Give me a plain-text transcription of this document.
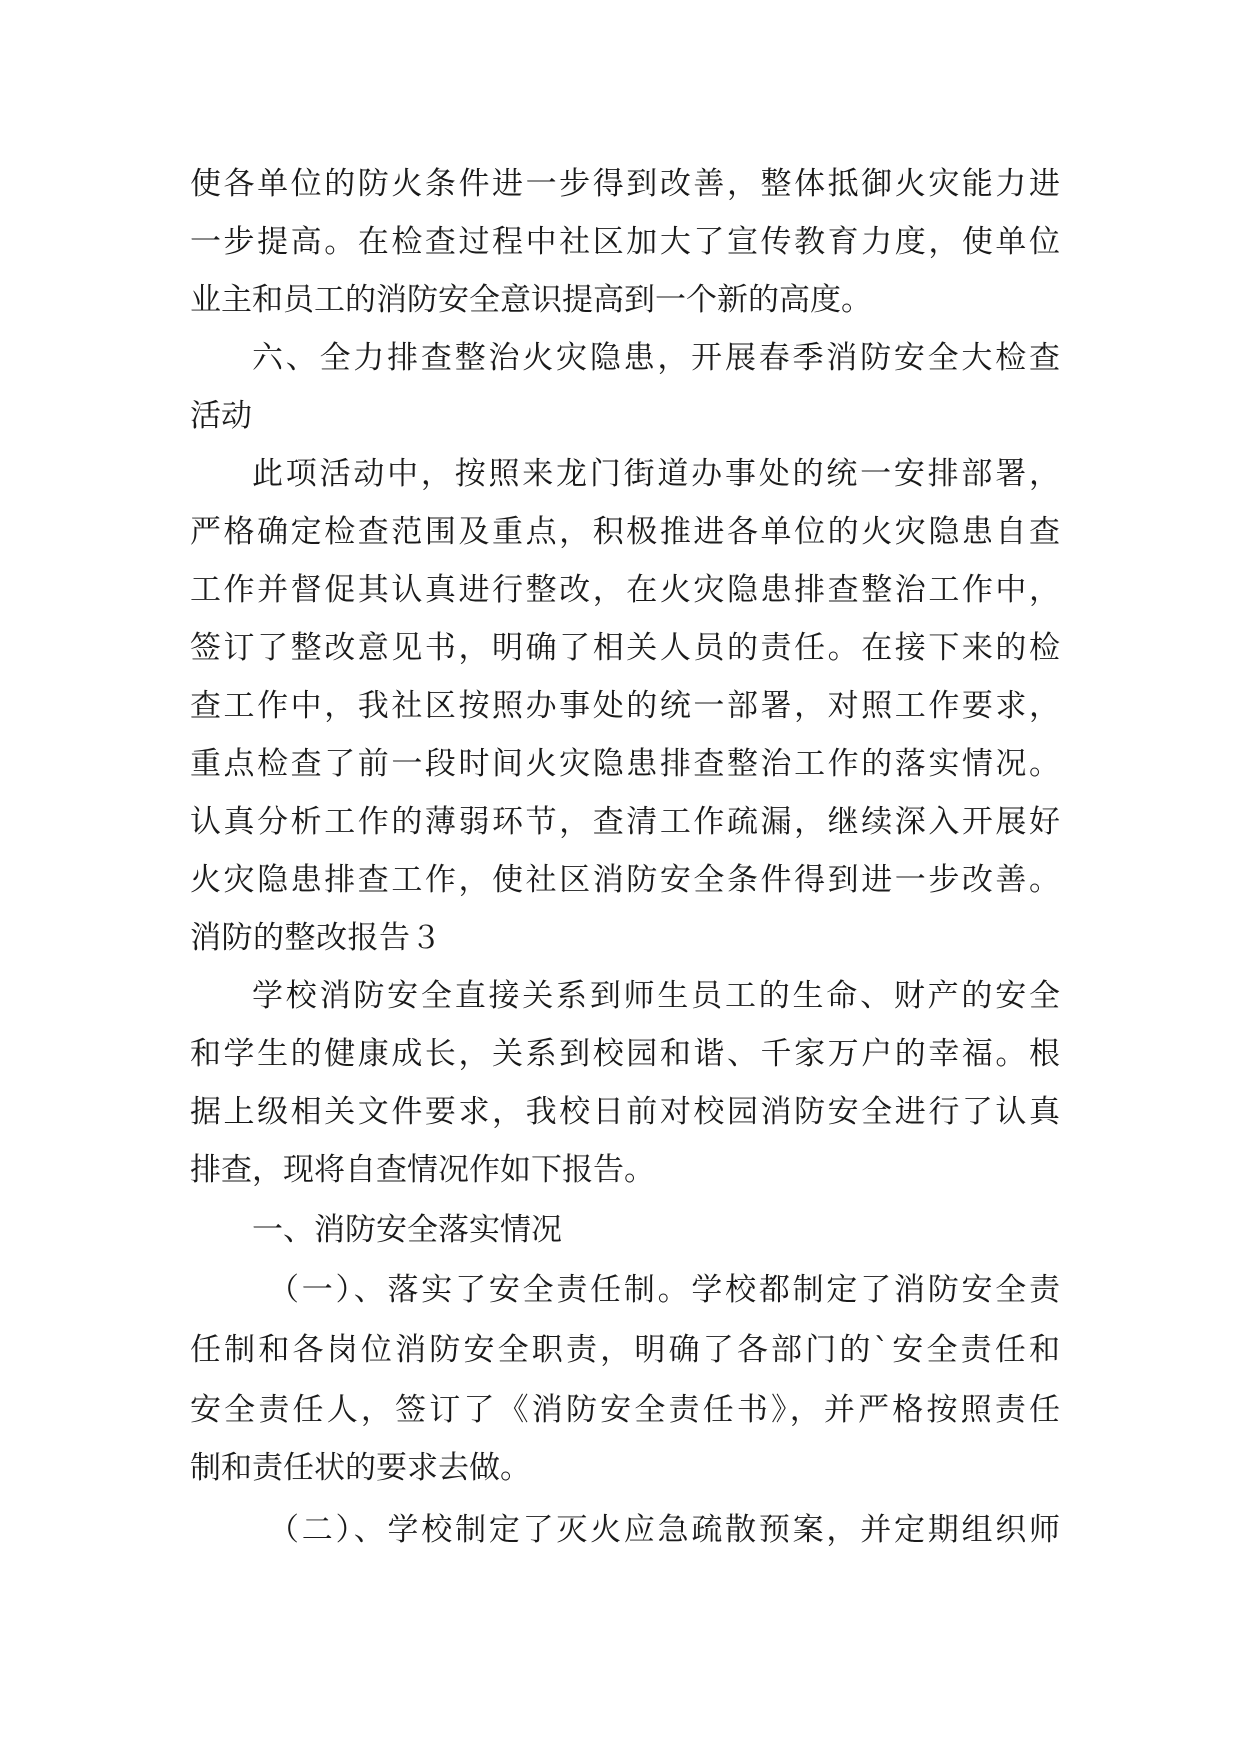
使各单位的防火条件进一步得到改善，整体抵御火灾能力进
一步提高。在检查过程中社区加大了宣传教育力度，使单位
业主和员工的消防安全意识提高到一个新的高度。
六、全力排查整治火灾隐患，开展春季消防安全大检查
活动
此项活动中，按照来龙门街道办事处的统一安排部署，
严格确定检查范围及重点，积极推进各单位的火灾隐患自查
工作并督促其认真进行整改，在火灾隐患排查整治工作中，
签订了整改意见书，明确了相关人员的责任。在接下来的检
查工作中，我社区按照办事处的统一部署，对照工作要求，
重点检查了前一段时间火灾隐患排查整治工作的落实情况。
认真分析工作的薄弱环节，查清工作疏漏，继续深入开展好
火灾隐患排查工作，使社区消防安全条件得到进一步改善。
消防的整改报告３
学校消防安全直接关系到师生员工的生命、财产的安全
和学生的健康成长，关系到校园和谐、千家万户的幸福。根
据上级相关文件要求，我校日前对校园消防安全进行了认真
排查，现将自查情况作如下报告。
一、消防安全落实情况
（一）、落实了安全责任制。学校都制定了消防安全责
任制和各岗位消防安全职责，明确了各部门的`安全责任和
安全责任人，签订了《消防安全责任书》，并严格按照责任
制和责任状的要求去做。
（二）、学校制定了灭火应急疏散预案，并定期组织师
